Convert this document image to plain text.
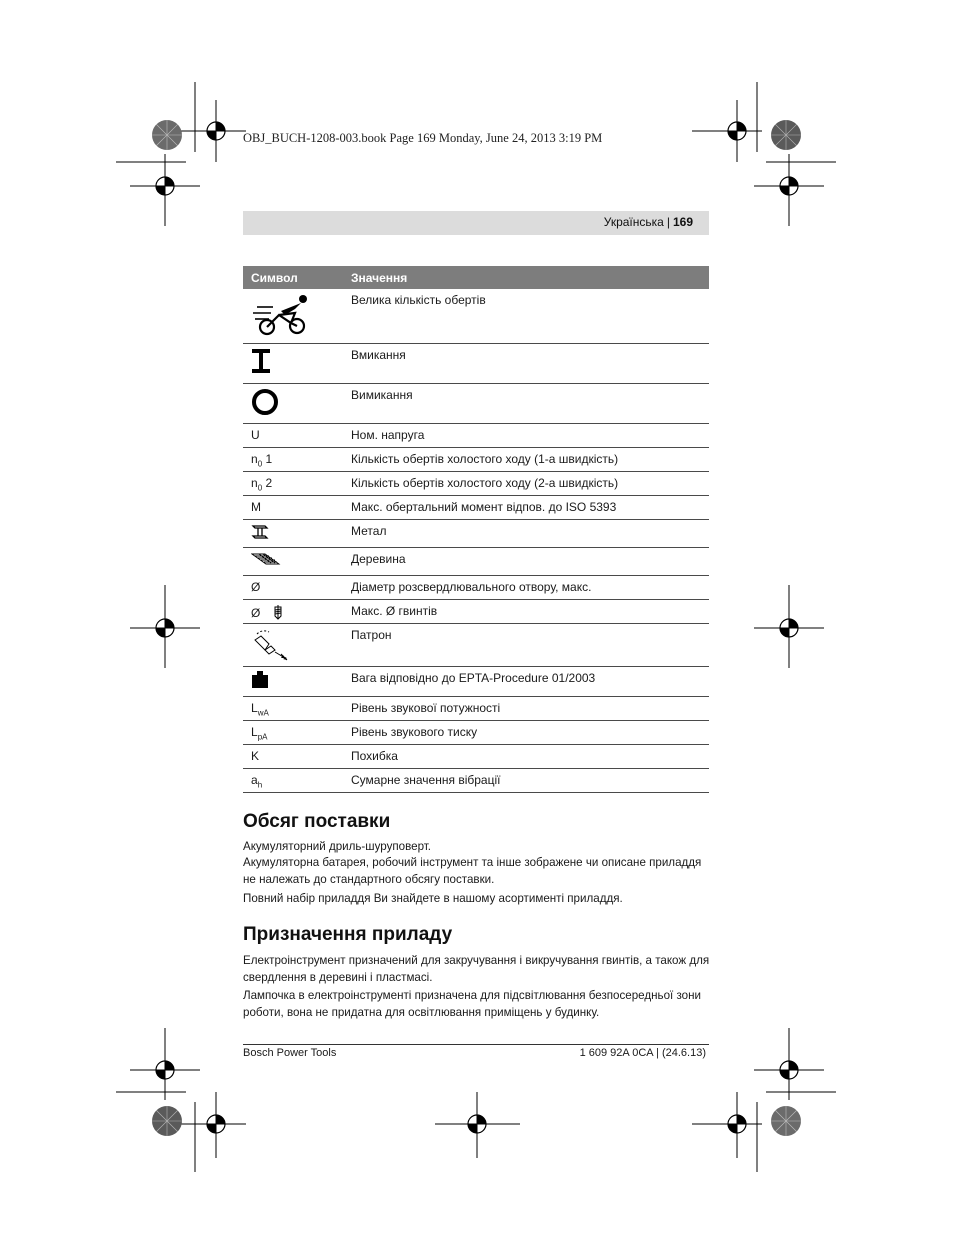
OBJ_BUCH-1208-003.book Page 169 Monday, June 24, 2013 3:19 PM
Українська | 169
Символ	Значення

	Велика кількість обертів

	Вмикання

	Вимикання
U	Ном. напруга
$n_0$ 1	Кількість обертів холостого ходу (1-а швидкість)
$n_0$ 2	Кількість обертів холостого ходу (2-а швидкість)
M	Макс. обертальний момент відпов. до ISO 5393

	Метал

	Деревина
Ø	Діаметр розсвердлювального отвору, макс.
Ø	Макс. Ø гвинтів

	Патрон

	Вага відповідно до EPTA-Procedure 01/2003
$L_{wA}$	Рівень звукової потужності
$L_{pA}$	Рівень звукового тиску
K	Похибка
$a_h$	Сумарне значення вібрації
Обсяг поставки

Акумуляторний дриль-шуруповерт.

Акумуляторна батарея, робочий інструмент та інше зображене чи описане приладдя не належать до стандартного обсягу поставки.

Повний набір приладдя Ви знайдете в нашому асортименті приладдя.

Призначення приладу

Електроінструмент призначений для закручування і викручування гвинтів, а також для свердлення в деревині і пластмасі.

Лампочка в електроінструменті призначена для підсвітлювання безпосередньої зони роботи, вона не придатна для освітлювання приміщень у будинку.

Bosch Power Tools	1 609 92A 0CA | (24.6.13)
